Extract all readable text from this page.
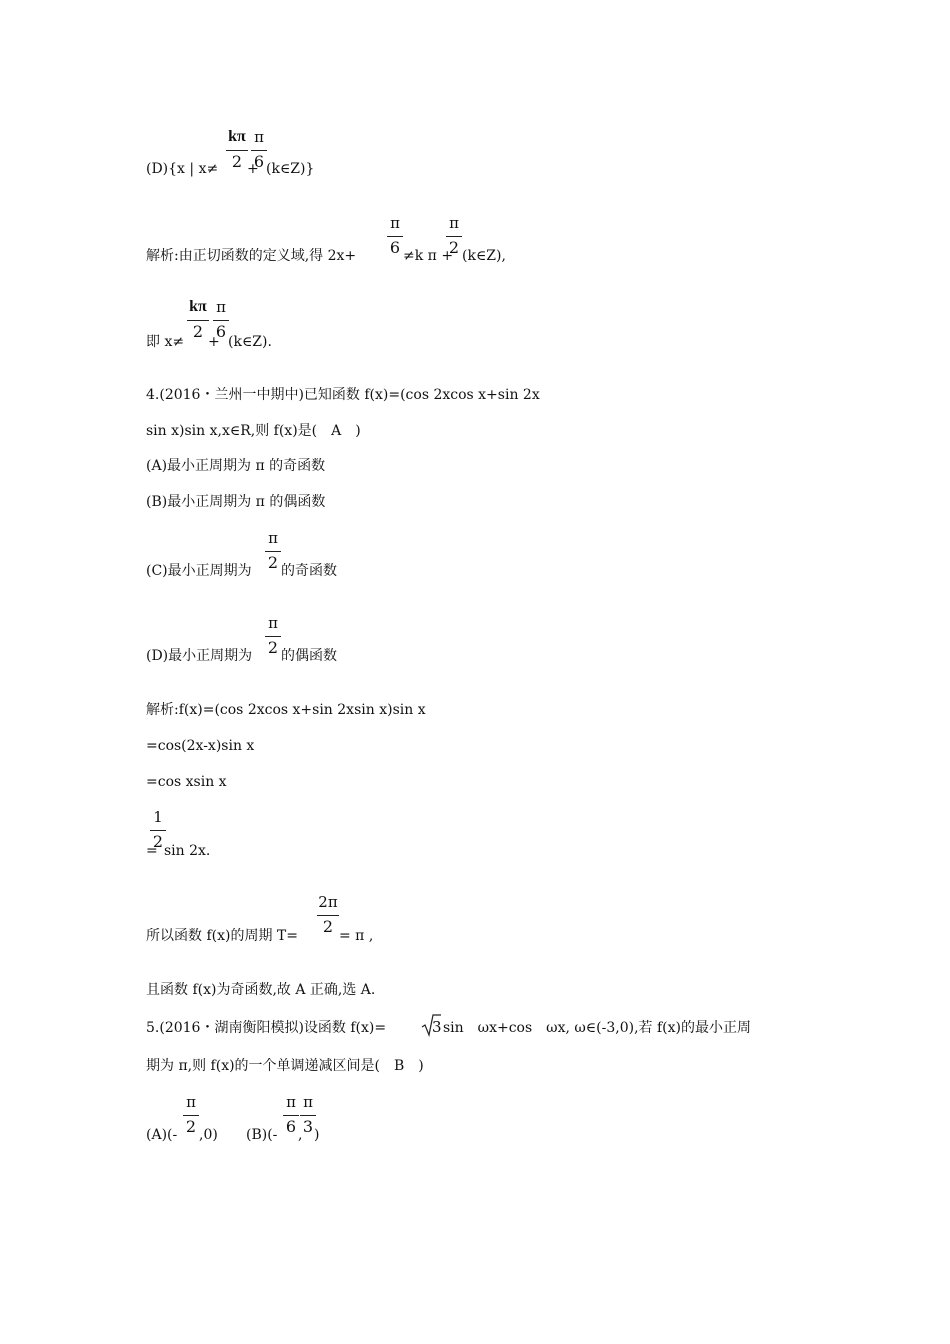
(D){x | x≠
kπ
2 +
π
6 (k∈Z)}
解析:由正切函数的定义域,得 2x+
π
6 ≠k π +
π
2 (k∈Z),
即 x≠
kπ
2
+
π
6
(k∈Z).
4.(2016・兰州一中期中)已知函数 f(x)=(cos 2xcos x+sin 2x
sin x)sin x,x∈R,则 f(x)是(　A　)
(A)最小正周期为 π 的奇函数
(B)最小正周期为 π 的偶函数
(C)最小正周期为
π
2 的奇函数
(D)最小正周期为
π
2 的偶函数
解析:f(x)=(cos 2xcos x+sin 2xsin x)sin x
=cos(2x-x)sin x
=cos xsin x
=
1
2 sin 2x.
所以函数 f(x)的周期 T=
2π
2 = π ,
且函数 f(x)为奇函数,故 A 正确,选 A.
5.(2016・湖南衡阳模拟)设函数 f(x)=	3 sin　ωx+cos　ωx, ω∈(-3,0),若 f(x)的最小正周
期为 π,则 f(x)的一个单调递减区间是(　B　)
(A)(-
π
2 ,0) (B)(-
π
6 ,
π
3 )
